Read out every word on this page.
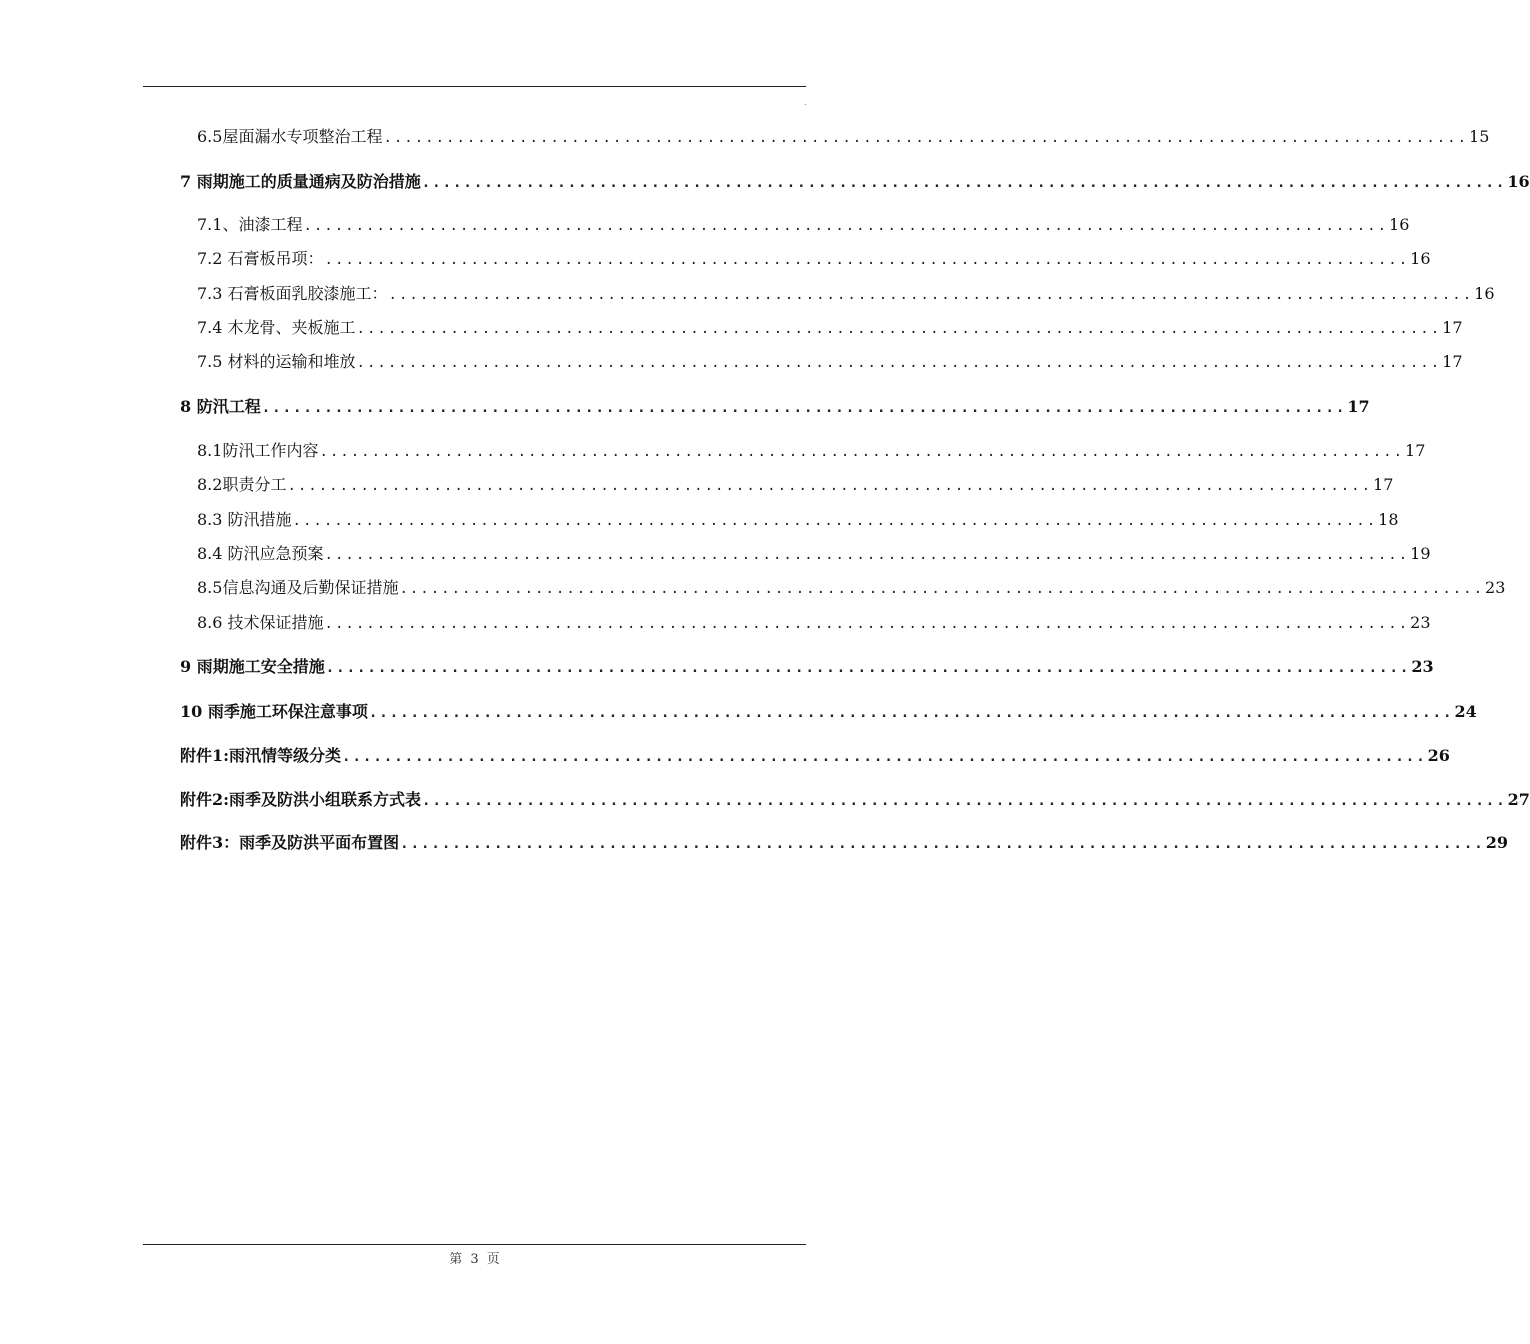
.
6.5屋面漏水专项整治工程 ........................................................................................................ 15
7 雨期施工的质量通病及防治措施 ........................................................................................................ 16
7.1、油漆工程 ........................................................................................................ 16
7.2 石膏板吊项： ........................................................................................................ 16
7.3 石膏板面乳胶漆施工： ........................................................................................................ 16
7.4 木龙骨、夹板施工 ........................................................................................................ 17
7.5 材料的运输和堆放 ........................................................................................................ 17
8 防汛工程 ........................................................................................................ 17
8.1防汛工作内容 ........................................................................................................ 17
8.2职责分工 ........................................................................................................ 17
8.3 防汛措施 ........................................................................................................ 18
8.4 防汛应急预案 ........................................................................................................ 19
8.5信息沟通及后勤保证措施 ........................................................................................................ 23
8.6 技术保证措施 ........................................................................................................ 23
9 雨期施工安全措施 ........................................................................................................ 23
10 雨季施工环保注意事项 ........................................................................................................ 24
附件1:雨汛情等级分类 ........................................................................................................ 26
附件2:雨季及防洪小组联系方式表 ........................................................................................................ 27
附件3：雨季及防洪平面布置图 ........................................................................................................ 29
第 3 页
